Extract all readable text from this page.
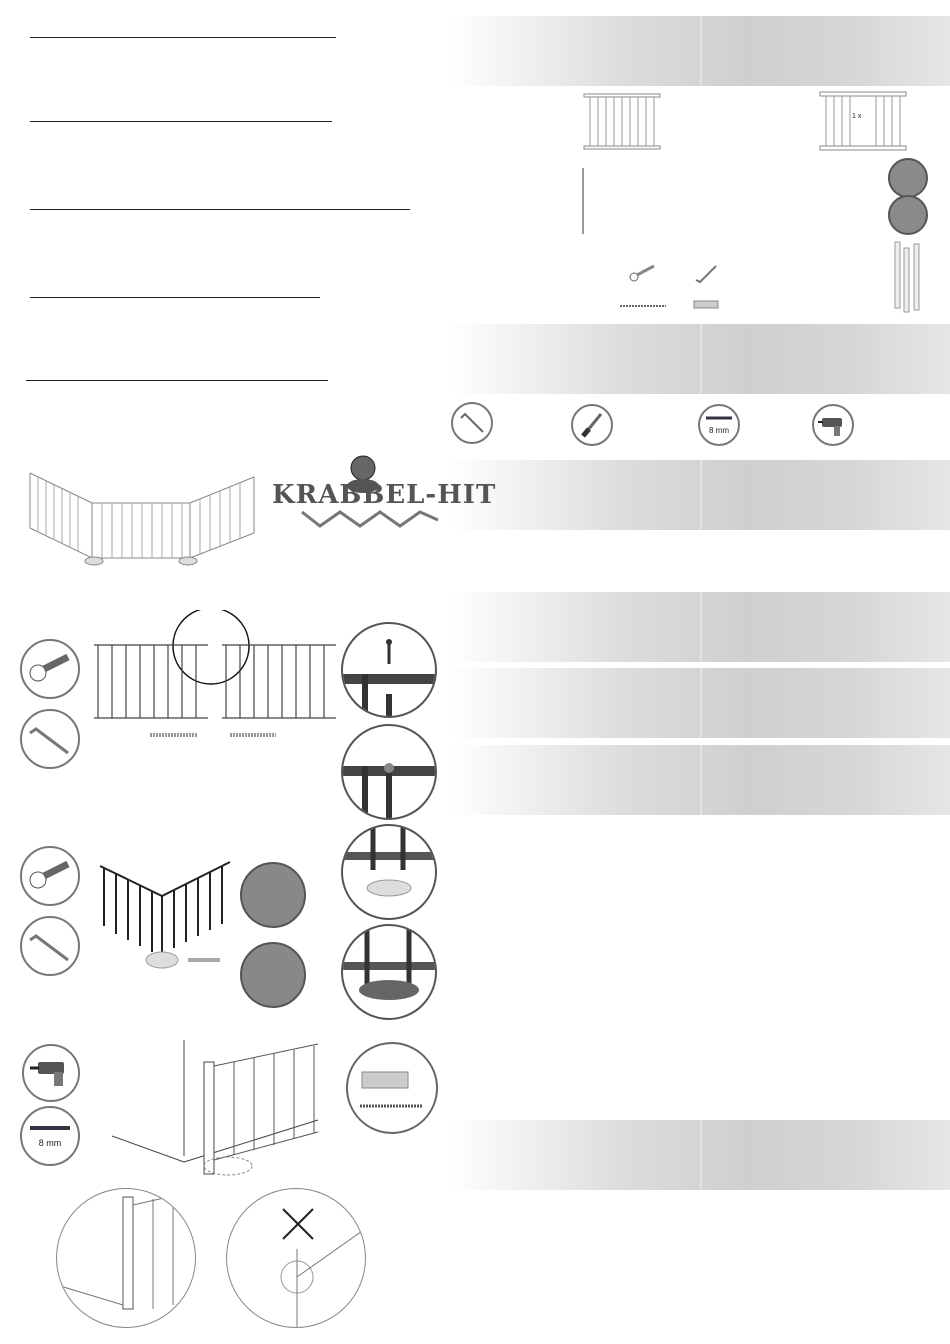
1 x
8 mm
KRABBEL-HIT
8 mm
